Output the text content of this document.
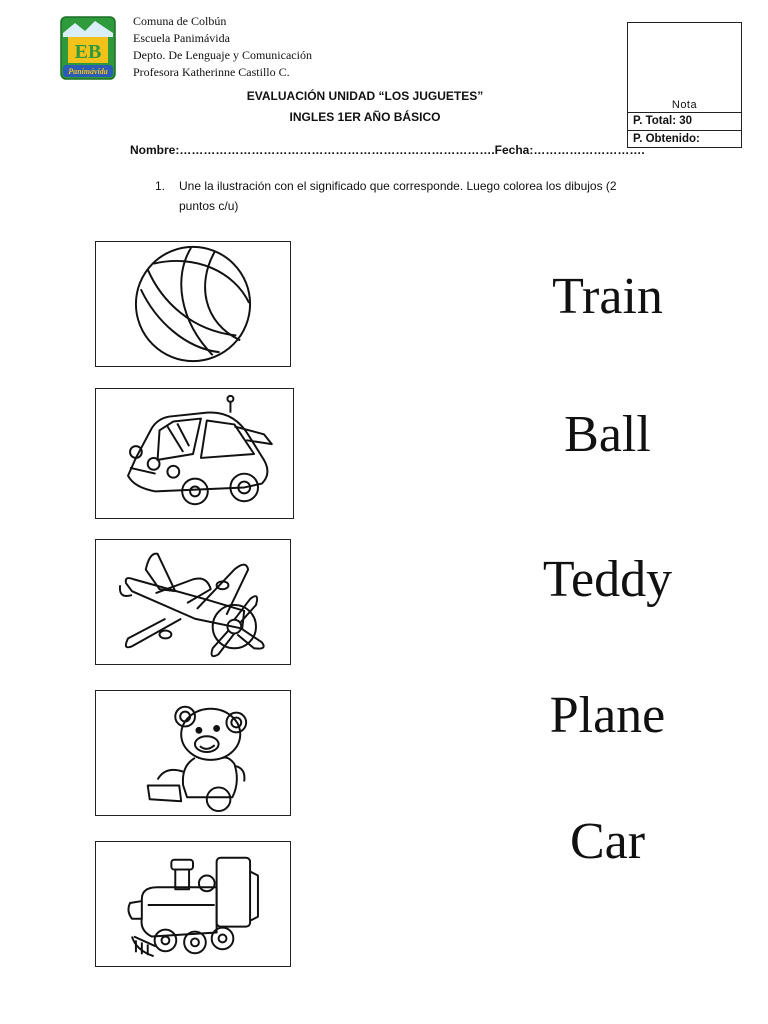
EB
Panimávida
Comuna de Colbún
Escuela Panimávida
Depto. De Lenguaje y Comunicación
Profesora Katherinne Castillo C.
EVALUACIÓN UNIDAD “LOS JUGUETES”
INGLES 1ER AÑO BÁSICO
Nota
P. Total: 30
P. Obtenido:
Nombre:…………………………………………………………………….Fecha:……………………….
1. Une la ilustración con el significado que corresponde. Luego colorea los dibujos (2 puntos c/u)
Train
Ball
Teddy
Plane
Car
